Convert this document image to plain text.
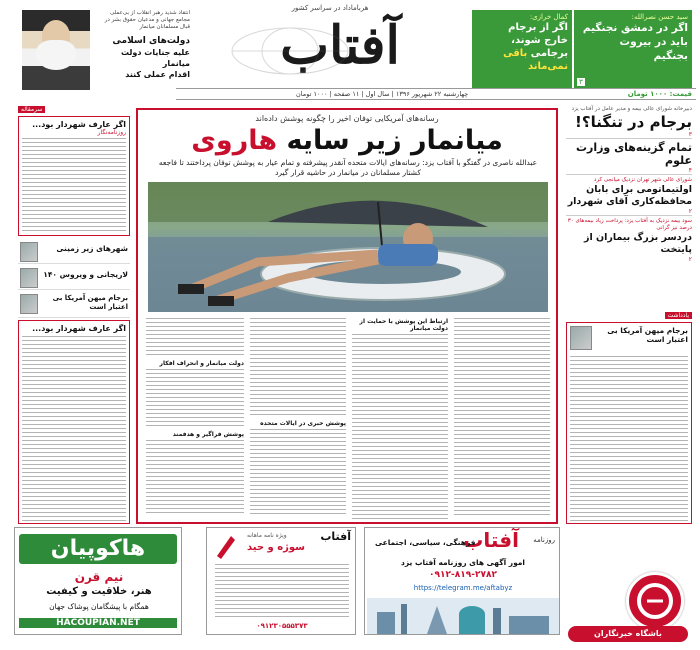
سید حسن نصرالله:
اگر در دمشق نجنگیم
باید در بیروت
بجنگیم
۳
کمال خرازی:
اگر از برجام
خارج شوند،
برجامی باقی نمی‌ماند
آفتاب
هرباماداد در سراسر کشور
چهارشنبه ۲۲ شهریور ۱۳۹۶ | سال اول | ۱۱ صفحه | ۱۰۰۰ تومان	قیمت: ۱۰۰۰ تومان
انتقاد شدید رهبر انقلاب از بی‌عملی مجامع جهانی و مدعیان حقوق بشر در قبال مسلمانان میانمار
دولت‌های اسلامی
علیه جنایات دولت میانمار
اقدام عملی کنند
سرمقاله
اگر عارف شهردار بود...
روزنامه‌نگار
شهرهای زیر زمینی
لاریجانی و ویروس ۱۴۰
برجام میهن آمریکا بی اعتبار است
اگر عارف شهردار بود...
رسانه‌های آمریکایی توفان اخیر را چگونه پوشش داده‌اند
میانمار زیر سایه هاروی
عبدالله ناصری در گفتگو با آفتاب یزد: رسانه‌های ایالات متحده آنقدر پیشرفته و تمام عیار به پوشش توفان پرداختند تا فاجعه کشتار مسلمانان در میانمار در حاشیه قرار گیرد
ارتباط این پوشش با حمایت از دولت میانمار
پوشش خبری در ایالات متحده
دولت میانمار و انحراف افکار
پوشش فراگیر و هدفمند
دبیرخانه شورای عالی بیمه و مدیر عامل در آفتاب یزد
برجام در تنگنا؟!
۳
تمام گزینه‌های وزارت علوم
۴
شورای عالی شهر تهران نزدیک میانجی کرد
اولتیماتومی برای بابان محافظه‌کاری آقای شهردار
۲
سود بیمه نزدیک به آفتاب یزد: پرداخت زیاد بیمه‌های ۳۰ درصد نیز گرانی
دردسر بزرگ بیماران از پایتخت
۲
یادداشت
برجام میهن آمریکا بی اعتبار است
هاکوپیان
نیم قرن
هنر، خلاقیت و کیفیت
همگام با پیشگامان پوشاک جهان
HACOUPIAN.NET
آفتاب
ویژه نامه ماهانه
سوژه و حید
۰۹۱۲۳۰۵۵۵۳۷۳
روزنامه
آفتاب
فرهنگی، سیاسی، اجتماعی
امور آگهی های روزنامه آفتاب یزد
۰۹۱۲-۸۱۹-۲۷۸۲
https://telegram.me/aftabyz
باشگاه خبرنگاران
